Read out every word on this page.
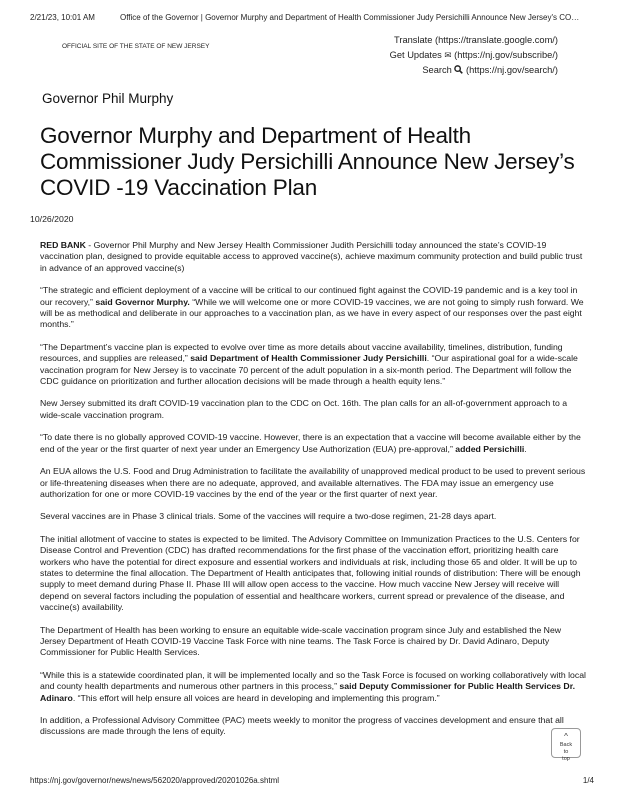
2/21/23, 10:01 AM	Office of the Governor | Governor Murphy and Department of Health Commissioner Judy Persichilli Announce New Jersey's CO…
OFFICIAL SITE OF THE STATE OF NEW JERSEY
Translate (https://translate.google.com/)
Get Updates ✉ (https://nj.gov/subscribe/)
Search (https://nj.gov/search/)
Governor Phil Murphy
Governor Murphy and Department of Health Commissioner Judy Persichilli Announce New Jersey’s COVID -19 Vaccination Plan
10/26/2020

RED BANK - Governor Phil Murphy and New Jersey Health Commissioner Judith Persichilli today announced the state’s COVID-19 vaccination plan, designed to provide equitable access to approved vaccine(s), achieve maximum community protection and build public trust in advance of an approved vaccine(s)

“The strategic and efficient deployment of a vaccine will be critical to our continued fight against the COVID-19 pandemic and is a key tool in our recovery,” said Governor Murphy. “While we will welcome one or more COVID-19 vaccines, we are not going to simply rush forward. We will be as methodical and deliberate in our approaches to a vaccination plan, as we have in every aspect of our responses over the past eight months.”

“The Department’s vaccine plan is expected to evolve over time as more details about vaccine availability, timelines, distribution, funding resources, and supplies are released,” said Department of Health Commissioner Judy Persichilli. “Our aspirational goal for a wide-scale vaccination program for New Jersey is to vaccinate 70 percent of the adult population in a six-month period. The Department will follow the CDC guidance on prioritization and further allocation decisions will be made through a health equity lens.”

New Jersey submitted its draft COVID-19 vaccination plan to the CDC on Oct. 16th. The plan calls for an all-of-government approach to a wide-scale vaccination program.

“To date there is no globally approved COVID-19 vaccine. However, there is an expectation that a vaccine will become available either by the end of the year or the first quarter of next year under an Emergency Use Authorization (EUA) pre-approval,” added Persichilli.

An EUA allows the U.S. Food and Drug Administration to facilitate the availability of unapproved medical product to be used to prevent serious or life-threatening diseases when there are no adequate, approved, and available alternatives. The FDA may issue an emergency use authorization for one or more COVID-19 vaccines by the end of the year or the first quarter of next year.

Several vaccines are in Phase 3 clinical trials. Some of the vaccines will require a two-dose regimen, 21-28 days apart.

The initial allotment of vaccine to states is expected to be limited. The Advisory Committee on Immunization Practices to the U.S. Centers for Disease Control and Prevention (CDC) has drafted recommendations for the first phase of the vaccination effort, prioritizing health care workers who have the potential for direct exposure and essential workers and individuals at risk, including those 65 and older. It will be up to states to determine the final allocation. The Department of Health anticipates that, following initial rounds of distribution: There will be enough supply to meet demand during Phase II. Phase III will allow open access to the vaccine. How much vaccine New Jersey will receive will depend on several factors including the population of essential and healthcare workers, current spread or prevalence of the disease, and vaccine(s) availability.

The Department of Health has been working to ensure an equitable wide-scale vaccination program since July and established the New Jersey Department of Heath COVID-19 Vaccine Task Force with nine teams. The Task Force is chaired by Dr. David Adinaro, Deputy Commissioner for Public Health Services.

“While this is a statewide coordinated plan, it will be implemented locally and so the Task Force is focused on working collaboratively with local and county health departments and numerous other partners in this process,” said Deputy Commissioner for Public Health Services Dr. Adinaro. “This effort will help ensure all voices are heard in developing and implementing this program.”

In addition, a Professional Advisory Committee (PAC) meets weekly to monitor the progress of vaccines development and ensure that all discussions are made through the lens of equity.

^
Back
to
top
https://nj.gov/governor/news/news/562020/approved/20201026a.shtml	1/4
